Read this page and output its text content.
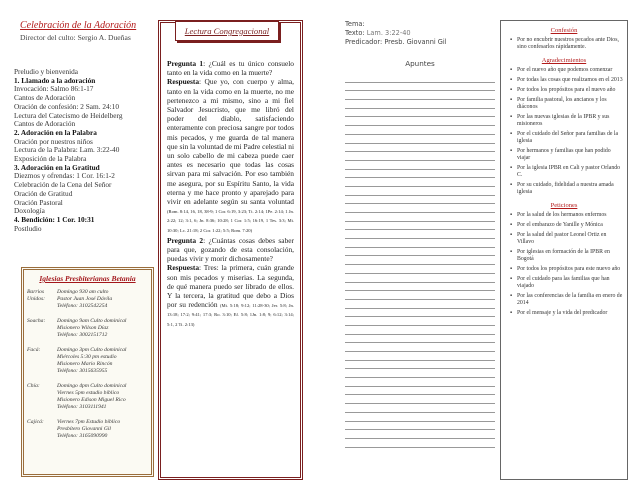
Celebración de la Adoración
Director del culto: Sergio A. Dueñas
Preludio y bienvenida
1. Llamado a la adoración
Invocación: Salmo 86:1-17
Cantos de Adoración
Oración de confesión: 2 Sam. 24:10
Lectura del Catecismo de Heidelberg
Cantos de Adoración
2. Adoración en la Palabra
Oración por nuestros niños
Lectura de la Palabra: Lam. 3:22-40
Exposición de la Palabra
3. Adoración en la Gratitud
Diezmos y ofrendas: 1 Cor. 16:1-2
Celebración de la Cena del Señor
Oración de Gratitud
Oración Pastoral
Doxología
4. Bendición: 1 Cor. 10:31
Postludio
Iglesias Presbiterianas Betania
Barrios Unidos:
Domingo 930 am culto
Pastor Juan José Dávila
Teléfono: 3102542254
Soacha:	Domingo 9am Culto dominical
Misionero Wilson Díaz
Teléfono: 3002151712
Facá:	Domingo 3pm Culto dominical
Miércoles 5:30 pm estudio
Misionero Mario Rincón
Teléfono: 3015635955
Chía:	Domingo 4pm Culto dominical
Viernes 5pm estudio bíblico
Misionero Edison Miguel Rico
Teléfono: 3103111941
Cajicá:	Viernes 7pm Estudio bíblico
Presbítero Giovanni Gil
Teléfono: 3165090990
Lectura Congregacional

Pregunta 1: ¿Cuál es tu único consuelo tanto en la vida como en la muerte?

Respuesta: Que yo, con cuerpo y alma, tanto en la vida como en la muerte, no me pertenezco a mi mismo, sino a mi fiel Salvador Jesucristo, que me libró del poder del diablo, satisfaciendo enteramente con preciosa sangre por todos mis pecados, y me guarda de tal manera que sin la voluntad de mi Padre celestial ni un solo cabello de mi cabeza puede caer antes es necesario que todas las cosas sirvan para mi salvación. Por eso también me asegura, por su Espíritu Santo, la vida eterna y me hace pronto y aparejado para vivir en adelante según su santa voluntad (Rom. 8:14, 16, 18, 38-9; 1 Cor. 6:19, 3:23; Tt. 2:14; 1Pe. 2:14; 1 Jn. 2:22; 12; 3:1, 6; Jn. 8:36; 10:28; 1 Cor. 1:5; 16:19, 1 Tes. 3:3; Mt. 10:30; Lc. 21:18; 2 Cor. 1:22; 5:5; Rom. 7:20)

Pregunta 2: ¿Cuántas cosas debes saber para que, gozando de esta consolación, puedas vivir y morir dichosamente?

Respuesta: Tres: la primera, cuán grande son mis pecados y miserias. La segunda, de qué manera puedo ser librado de ellos. Y la tercera, la gratitud que debo a Dios por su redención (Mt. 5:18; 9:12; 11:28-30; Jer. 5:8; Jn. 13:18; 17:2; 9:41; 17:3; Ro. 3:10; Ef. 5:8; 1Jn. 1:8; 9; 6:12; 3:14; 5:1, 2 Ti. 2:13)

Tema:
Texto: Lam. 3:22-40
Predicador: Presb. Giovanni Gil
Apuntes
Confesión
▪ Por no encubrir nuestros pecados ante Dios, sino confesarlos rápidamente.
Agradecimientos
▪ Por el nuevo año que podemos comenzar
▪ Por todas las cosas que realizamos en el 2013
▪ Por todos los propósitos para el nuevo año
▪ Por familia pastoral, los ancianos y los diáconos
▪ Por las nuevas iglesias de la IPBR y sus misioneros
▪ Por el cuidado del Señor para familias de la iglesia
▪ Por hermanos y familias que han podido viajar
▪ Por la iglesia IPBR en Cali y pastor Orlando C.
▪ Por su cuidado, fidelidad a nuestra amada iglesia
Peticiones
▪ Por la salud de los hermanos enfermos
▪ Por el embarazo de Yanille y Mónica
▪ Por la salud del pastor Leonel Ortiz en Villavo
▪ Por iglesias en formación de la IPBR en Bogotá
▪ Por todos los propósitos para este nuevo año
▪ Por el cuidado para las familias que han viajado
▪ Por las conferencias de la familia en enero de 2014
▪ Por el mensaje y la vida del predicador
